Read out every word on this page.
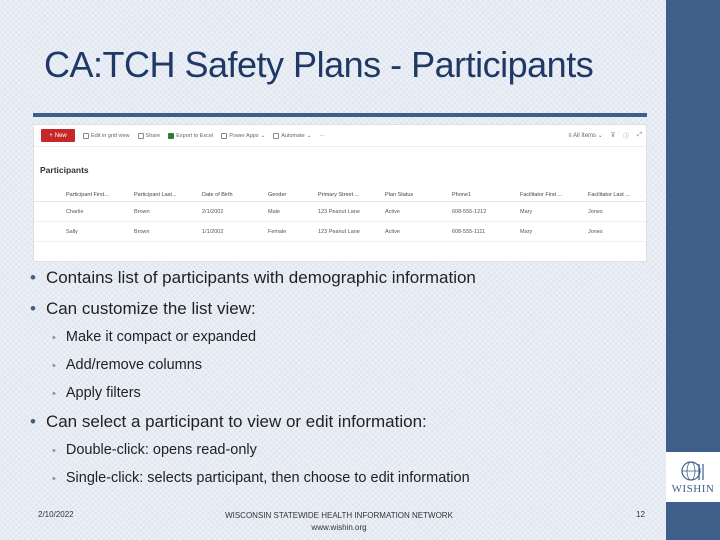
CA:TCH Safety Plans - Participants
+ New	Edit in grid view	Share	Export to Excel	Power Apps ⌄	Automate ⌄ ···	≡ All Items ⌄ ⊽ ⓘ ⤢
Participants
Participant First...	Participant Last...	Date of Birth	Gender	Primary Street ...	Plan Status	Phone1	Facilitator First ...	Facilitator Last ...
Charlie	Brown	2/1/2002	Male	123 Peanut Lane	Active	608-555-1212	Mary	Jones
Sally	Brown	1/1/2002	Female	123 Peanut Lane	Active	608-555-1111	Mary	Jones
• Contains list of participants with demographic information
• Can customize the list view:
• Make it compact or expanded
• Add/remove columns
• Apply filters
• Can select a participant to view or edit information:
• Double-click: opens read-only
• Single-click: selects participant, then choose to edit information
2/10/2022	WISCONSIN STATEWIDE HEALTH INFORMATION NETWORK
www.wishin.org
12
WISHIN
